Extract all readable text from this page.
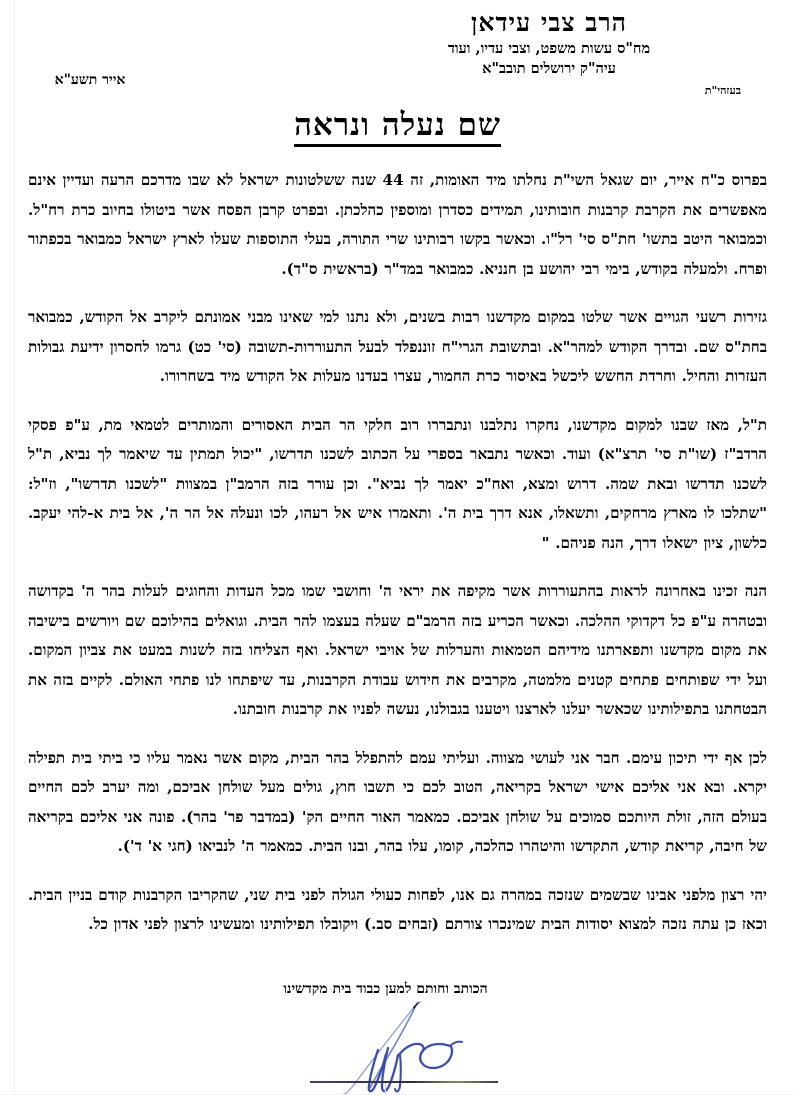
הרב צבי עידאן
מח"ס עשות משפט, וצבי עדיו, ועוד
עיה"ק ירושלים תובב"א
בעזהי"ת
אייר תשע"א
שם נעלה ונראה

בפרוס כ"ח אייר, יום שגאל השי"ת נחלתו מיד האומות, זה 44 שנה ששלטונות ישראל לא שבו מדרכם הרעה ועדיין אינם מאפשרים את הקרבת קרבנות חובותינו, תמידים כסדרן ומוספין כהלכתן. ובפרט קרבן הפסח אשר ביטולו בחיוב כרת רח"ל. וכמבואר היטב בתשו' חת"ס סי' רל"ו. וכאשר בקשו רבותינו שרי התורה, בעלי התוספות שעלו לארץ ישראל כמבואר בכפתור ופרח. ולמעלה בקודש, בימי רבי יהושע בן חנניא. כמבואר במד"ר (בראשית ס"ד).

גזירות רשעי הגויים אשר שלטו במקום מקדשנו רבות בשנים, ולא נתנו למי שאינו מבני אמונתם ליקרב אל הקודש, כמבואר בחת"ס שם. ובדרך הקודש למהר"א. ובתשובת הגרי"ח זוננפלד לבעל התעוררות-תשובה (סי' כט) גרמו לחסרון ידיעת גבולות העזרות והחיל. וחרדת החשש ליכשל באיסור כרת החמור, עצרו בעדנו מעלות אל הקודש מיד בשחרורו.

ת"ל, מאז שבנו למקום מקדשנו, נחקרו נתלבנו ונתבררו רוב חלקי הר הבית האסורים והמותרים לטמאי מת, ע"פ פסקי הרדב"ז (שו"ת סי' תרצ"א) ועוד. וכאשר נתבאר בספרי על הכתוב לשכנו תדרשו, "יכול תמתין עד שיאמר לך נביא, ת"ל לשכנו תדרשו ובאת שמה. דרוש ומצא, ואח"כ יאמר לך נביא". וכן עורר בזה הרמב"ן במצוות "לשכנו תדרשו", וז"ל: "שתלכו לו מארץ מרחקים, ותשאלו, אנא דרך בית ה'. ותאמרו איש אל רעהו, לכו ונעלה אל הר ה', אל בית א-להי יעקב. כלשון, ציון ישאלו דרך, הנה פניהם. "

הנה זכינו באחרונה לראות בהתעוררות אשר מקיפה את יראי ה' וחושבי שמו מכל העדות והחוגים לעלות בהר ה' בקדושה ובטהרה ע"פ כל דקדוקי ההלכה. וכאשר הכריע בזה הרמב"ם שעלה בעצמו להר הבית. וגואלים בהילוכם שם ויורשים בישיבה את מקום מקדשנו ותפארתנו מידיהם הטמאות והערלות של אויבי ישראל. ואף הצליחו בזה לשנות במעט את צביון המקום. ועל ידי שפותחים פתחים קטנים מלמטה, מקרבים את חידוש עבודת הקרבנות, עד שיפתחו לנו פתחי האולם. לקיים בזה את הבטחתנו בתפילותינו שכאשר יעלנו לארצנו ויטענו בגבולנו, נעשה לפניו את קרבנות חובתנו.

לכן אף ידי תיכון עימם. חבר אני לעושי מצווה. ועליתי עמם להתפלל בהר הבית, מקום אשר נאמר עליו כי ביתי בית תפילה יקרא. ובא אני אליכם אישי ישראל בקריאה, הטוב לכם כי תשבו חוץ, גולים מעל שולחן אביכם, ומה יערב לכם החיים בעולם הזה, זולת היותכם סמוכים על שולחן אביכם. כמאמר האור החיים הק' (במדבר פר' בהר). פונה אני אליכם בקריאה של חיבה, קריאת קודש, התקדשו והיטהרו כהלכה, קומו, עלו בהר, ובנו הבית. כמאמר ה' לנביאו (חגי א' ד').

יהי רצון מלפני אבינו שבשמים שנזכה במהרה גם אנו, לפחות כעולי הגולה לפני בית שני, שהקריבו הקרבנות קודם בניין הבית. וכאז כן עתה נזכה למצוא יסודות הבית שמינכרו צורתם (זבחים סב.) ויקובלו תפילותינו ומעשינו לרצון לפני אדון כל.

הכותב וחותם למען כבוד בית מקדשינו
